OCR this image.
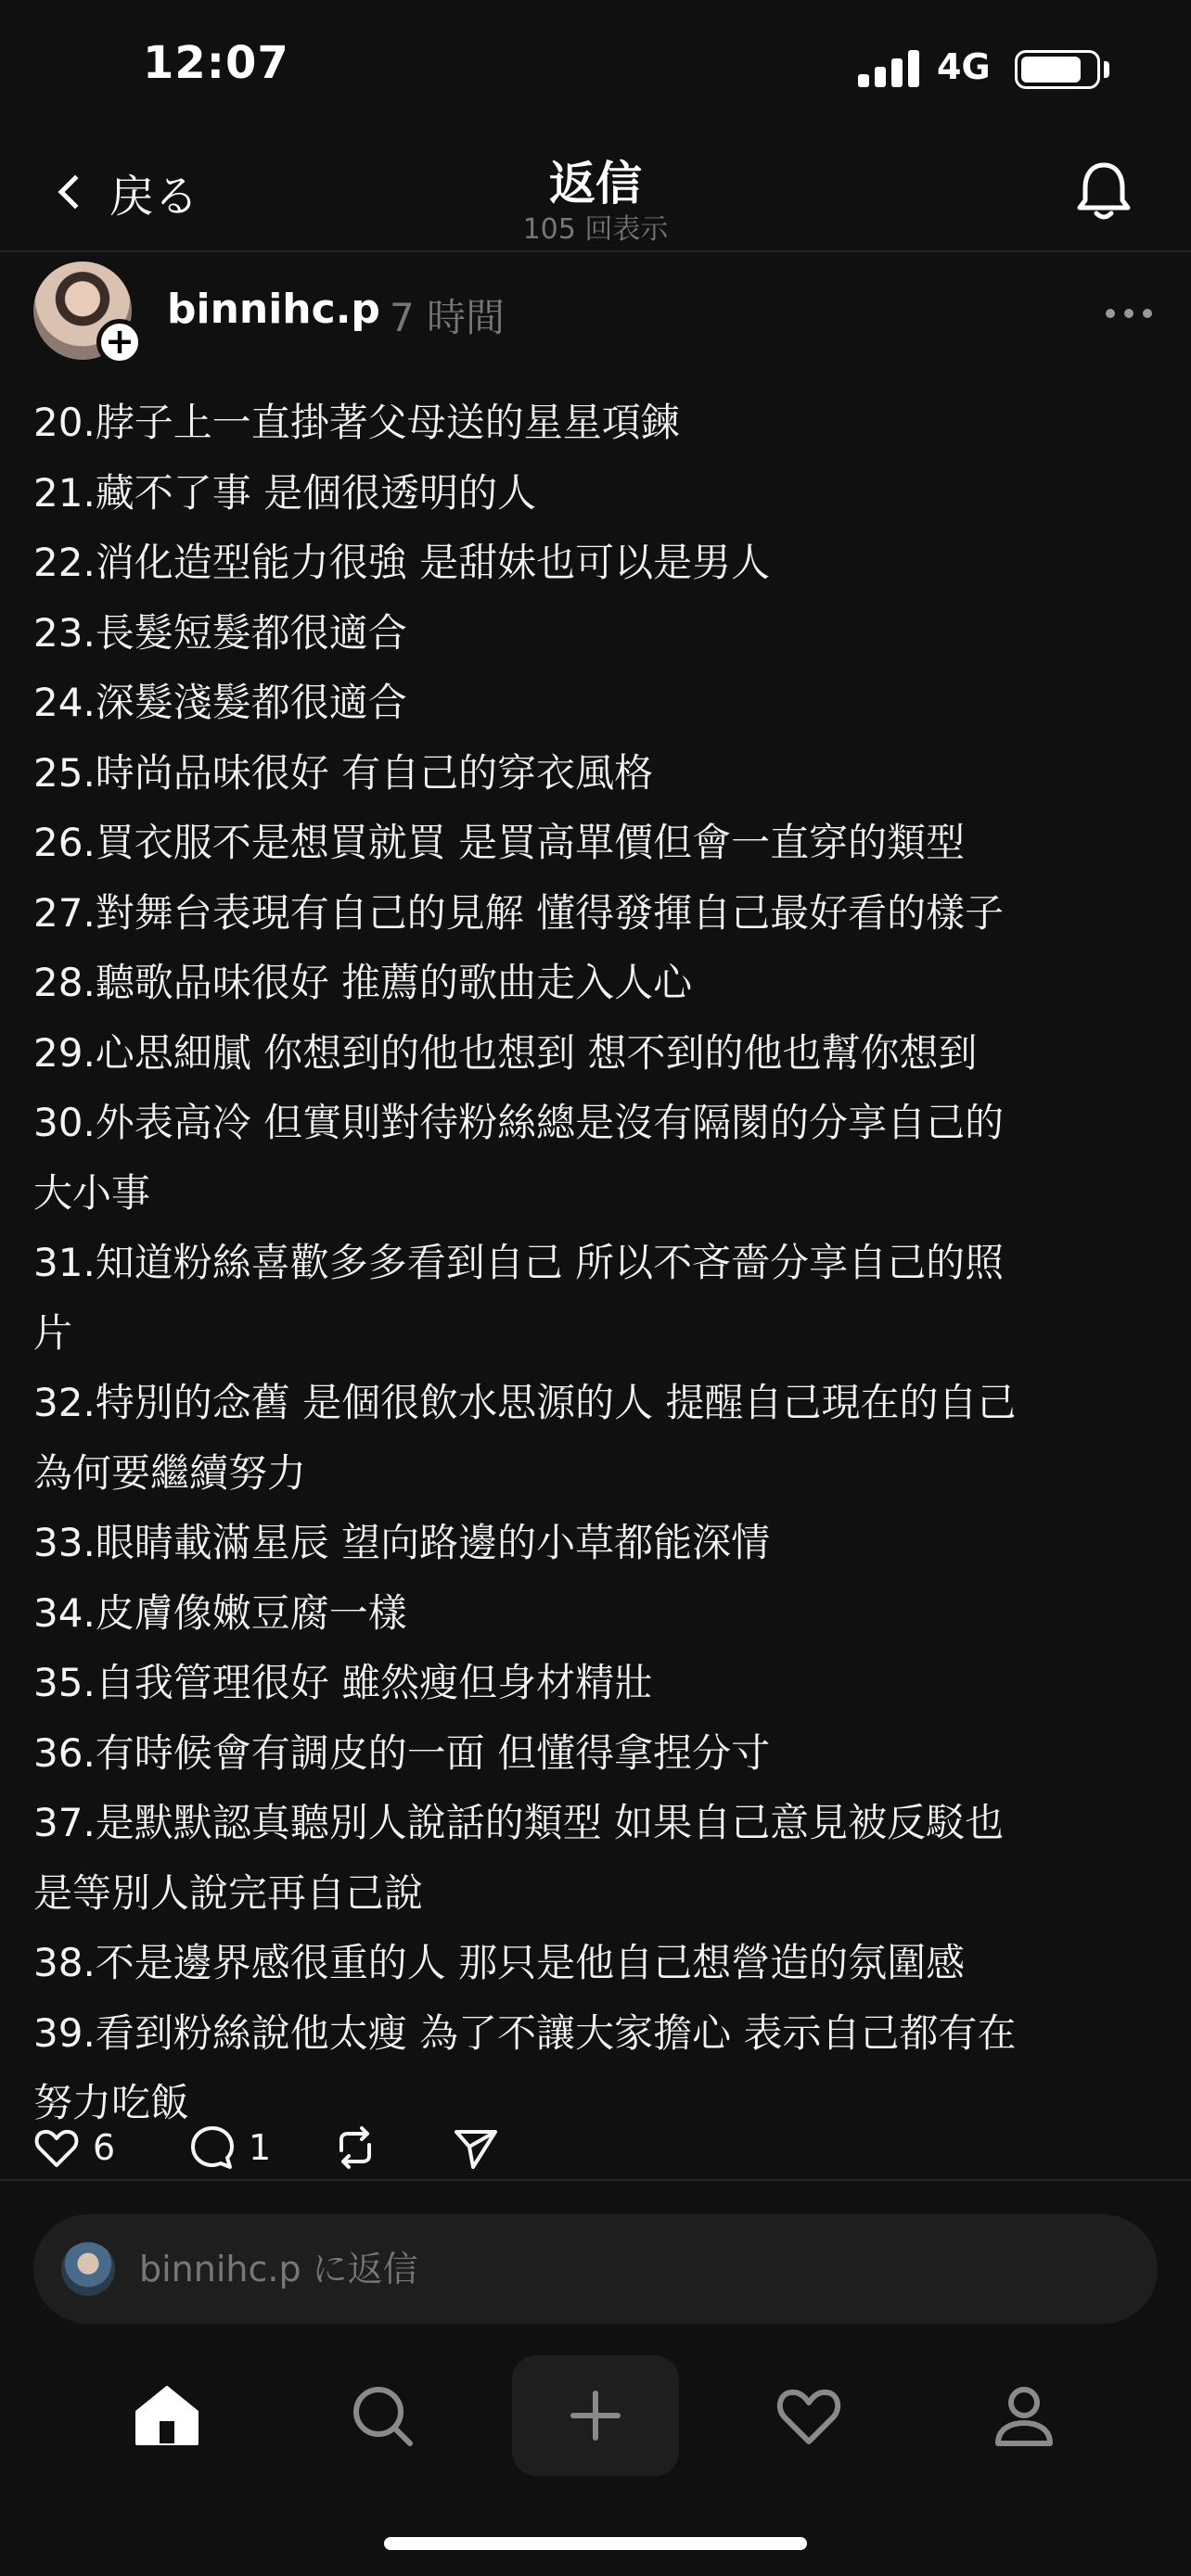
12:07	4G
戻る	返信
105 回表示
+
binnihc.p 7 時間
20.脖子上一直掛著父母送的星星項鍊
21.藏不了事 是個很透明的人
22.消化造型能力很強 是甜妹也可以是男人
23.長髮短髮都很適合
24.深髮淺髮都很適合
25.時尚品味很好 有自己的穿衣風格
26.買衣服不是想買就買 是買高單價但會一直穿的類型
27.對舞台表現有自己的見解 懂得發揮自己最好看的樣子
28.聽歌品味很好 推薦的歌曲走入人心
29.心思細膩 你想到的他也想到 想不到的他也幫你想到
30.外表高冷 但實則對待粉絲總是沒有隔閡的分享自己的
大小事
31.知道粉絲喜歡多多看到自己 所以不吝嗇分享自己的照
片
32.特別的念舊 是個很飲水思源的人 提醒自己現在的自己
為何要繼續努力
33.眼睛載滿星辰 望向路邊的小草都能深情
34.皮膚像嫩豆腐一樣
35.自我管理很好 雖然瘦但身材精壯
36.有時候會有調皮的一面 但懂得拿捏分寸
37.是默默認真聽別人說話的類型 如果自己意見被反駁也
是等別人說完再自己說
38.不是邊界感很重的人 那只是他自己想營造的氛圍感
39.看到粉絲說他太瘦 為了不讓大家擔心 表示自己都有在
努力吃飯
6	1
binnihc.p に返信
